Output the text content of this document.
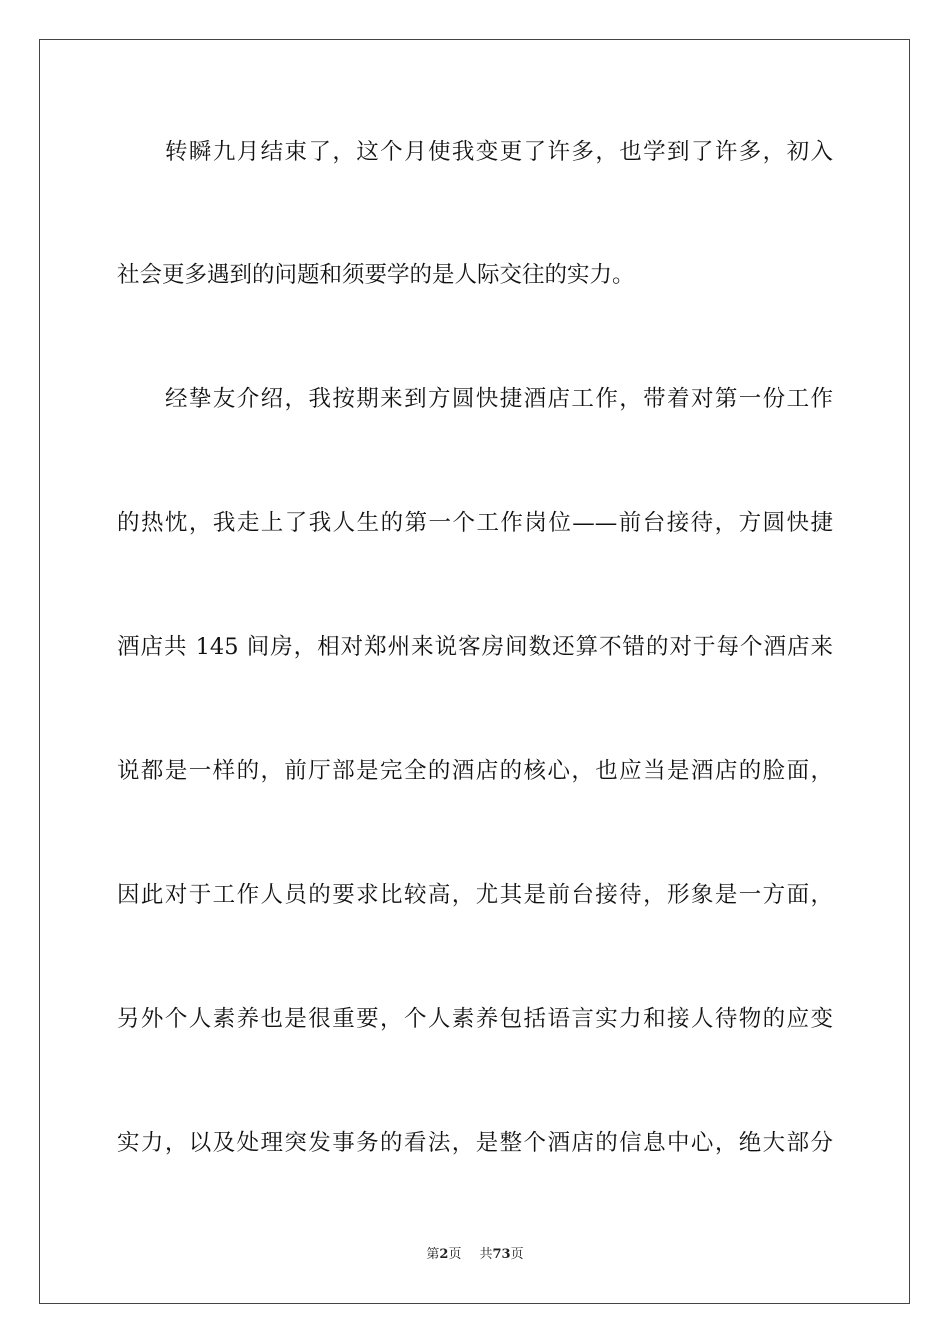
转瞬九月结束了，这个月使我变更了许多，也学到了许多，初入
社会更多遇到的问题和须要学的是人际交往的实力。
经挚友介绍，我按期来到方圆快捷酒店工作，带着对第一份工作
的热忱，我走上了我人生的第一个工作岗位——前台接待，方圆快捷
酒店共 145 间房，相对郑州来说客房间数还算不错的对于每个酒店来
说都是一样的，前厅部是完全的酒店的核心，也应当是酒店的脸面，
因此对于工作人员的要求比较高，尤其是前台接待，形象是一方面，
另外个人素养也是很重要，个人素养包括语言实力和接人待物的应变
实力，以及处理突发事务的看法，是整个酒店的信息中心，绝大部分
第2页 共73页
